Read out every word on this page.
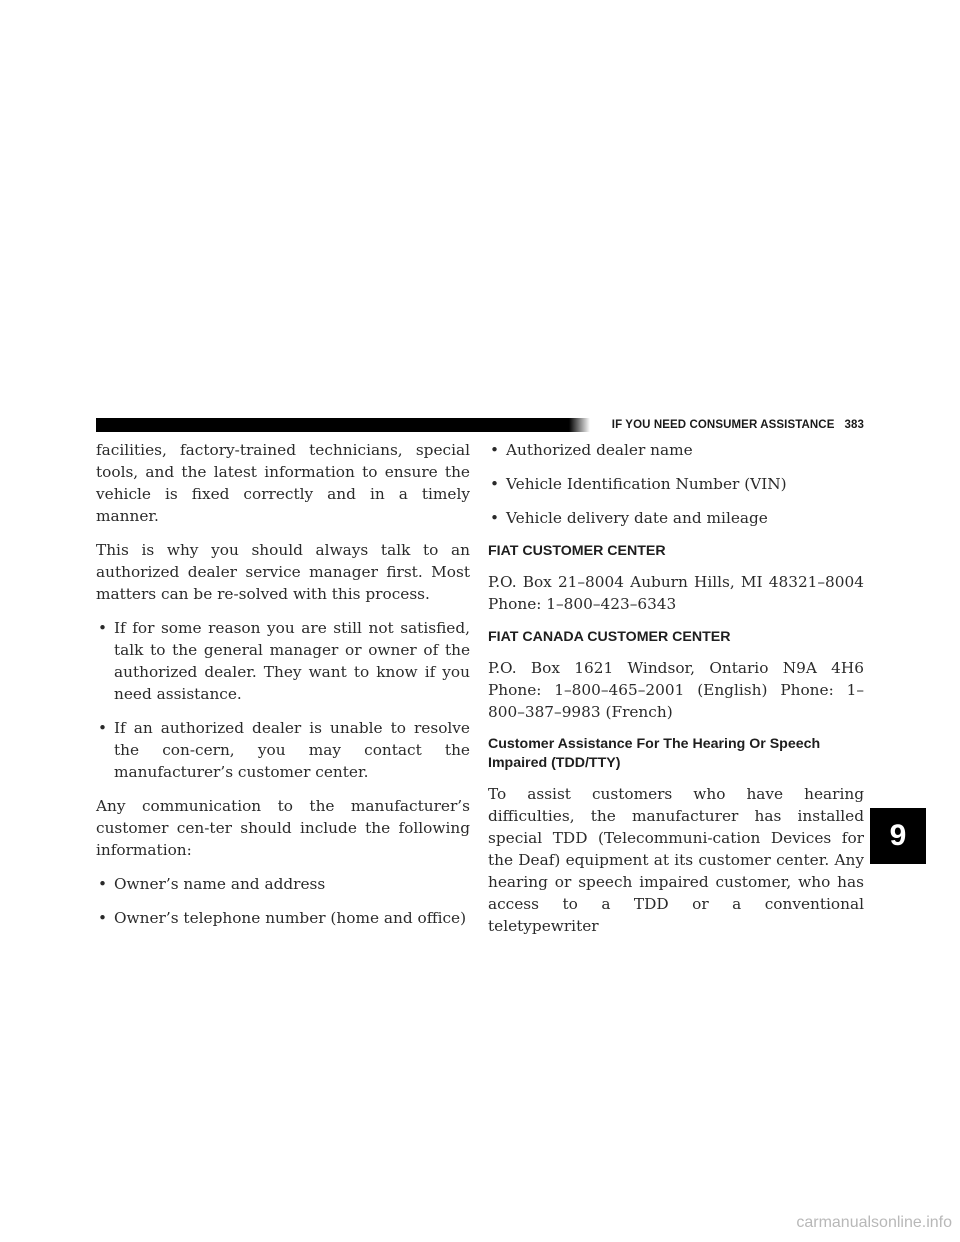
IF YOU NEED CONSUMER ASSISTANCE 383

facilities, factory-trained technicians, special tools, and the latest information to ensure the vehicle is fixed correctly and in a timely manner.

This is why you should always talk to an authorized dealer service manager first. Most matters can be re-solved with this process.

• If for some reason you are still not satisfied, talk to the general manager or owner of the authorized dealer. They want to know if you need assistance.
• If an authorized dealer is unable to resolve the con-cern, you may contact the manufacturer’s customer center.

Any communication to the manufacturer’s customer cen-ter should include the following information:

• Owner’s name and address
• Owner’s telephone number (home and office)
• Authorized dealer name
• Vehicle Identification Number (VIN)
• Vehicle delivery date and mileage
FIAT CUSTOMER CENTER

P.O. Box 21–8004 Auburn Hills, MI 48321–8004 Phone: 1–800–423–6343

FIAT CANADA CUSTOMER CENTER

P.O. Box 1621 Windsor, Ontario N9A 4H6 Phone: 1–800–465–2001 (English) Phone: 1–800–387–9983 (French)

Customer Assistance For The Hearing Or Speech Impaired (TDD/TTY)

To assist customers who have hearing difficulties, the manufacturer has installed special TDD (Telecommuni-cation Devices for the Deaf) equipment at its customer center. Any hearing or speech impaired customer, who has access to a TDD or a conventional teletypewriter

9
carmanualsonline.info
